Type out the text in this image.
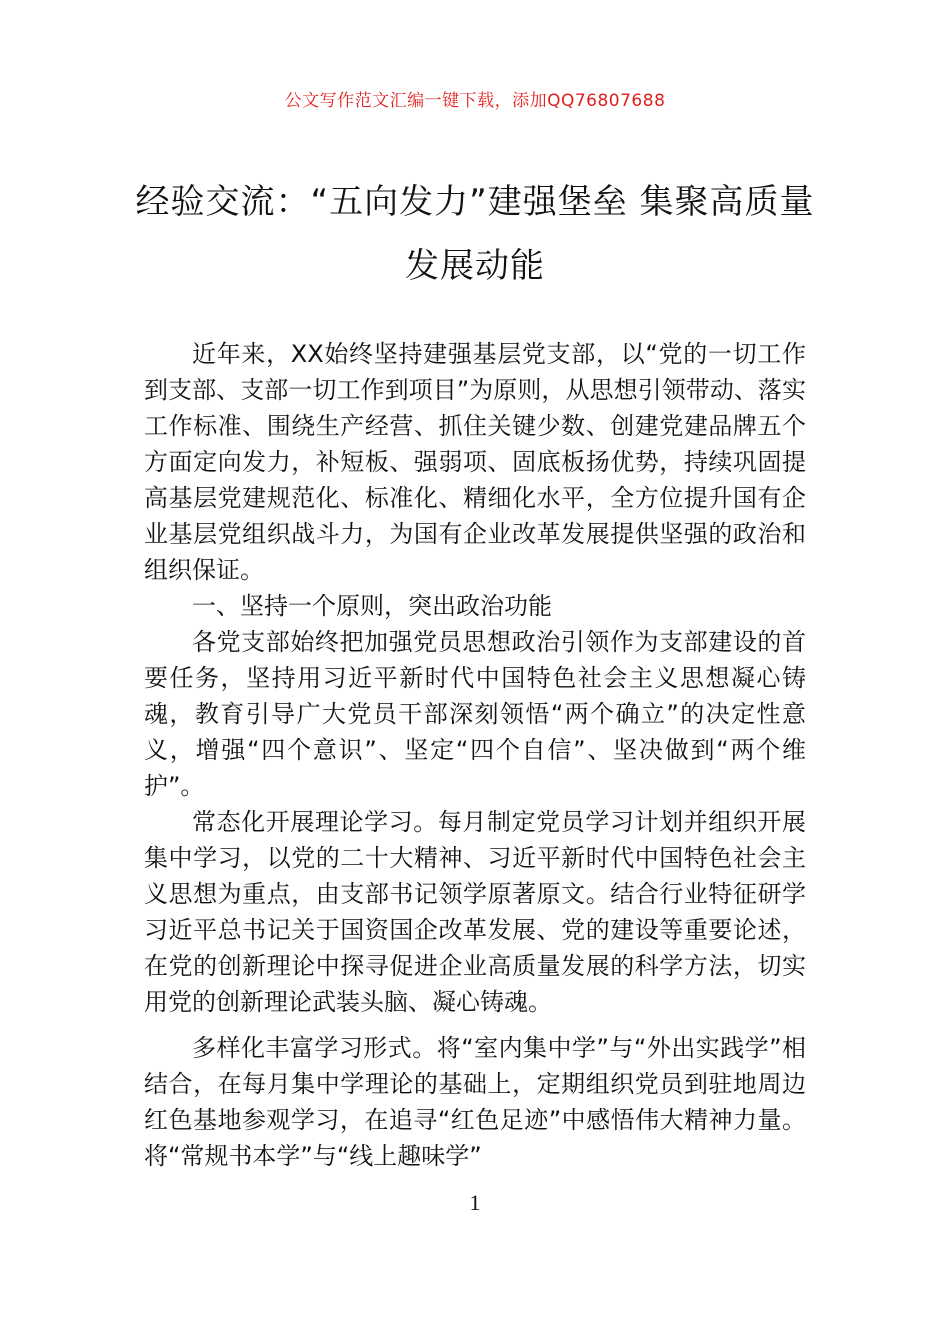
公文写作范文汇编一键下载，添加QQ76807688
经验交流：“五向发力”建强堡垒 集聚高质量发展动能

近年来，XX始终坚持建强基层党支部，以“党的一切工作到支部、支部一切工作到项目”为原则，从思想引领带动、落实工作标准、围绕生产经营、抓住关键少数、创建党建品牌五个方面定向发力，补短板、强弱项、固底板扬优势，持续巩固提高基层党建规范化、标准化、精细化水平，全方位提升国有企业基层党组织战斗力，为国有企业改革发展提供坚强的政治和组织保证。

一、坚持一个原则，突出政治功能

各党支部始终把加强党员思想政治引领作为支部建设的首要任务，坚持用习近平新时代中国特色社会主义思想凝心铸魂，教育引导广大党员干部深刻领悟“两个确立”的决定性意义，增强“四个意识”、坚定“四个自信”、坚决做到“两个维护”。

常态化开展理论学习。每月制定党员学习计划并组织开展集中学习，以党的二十大精神、习近平新时代中国特色社会主义思想为重点，由支部书记领学原著原文。结合行业特征研学 习近平总书记关于国资国企改革发展、党的建设等重要论述，在党的创新理论中探寻促进企业高质量发展的科学方法，切实用党的创新理论武装头脑、凝心铸魂。

多样化丰富学习形式。将“室内集中学”与“外出实践学”相结合，在每月集中学理论的基础上，定期组织党员到驻地周边红色基地参观学习，在追寻“红色足迹”中感悟伟大精神力量。将“常规书本学”与“线上趣味学”

1
